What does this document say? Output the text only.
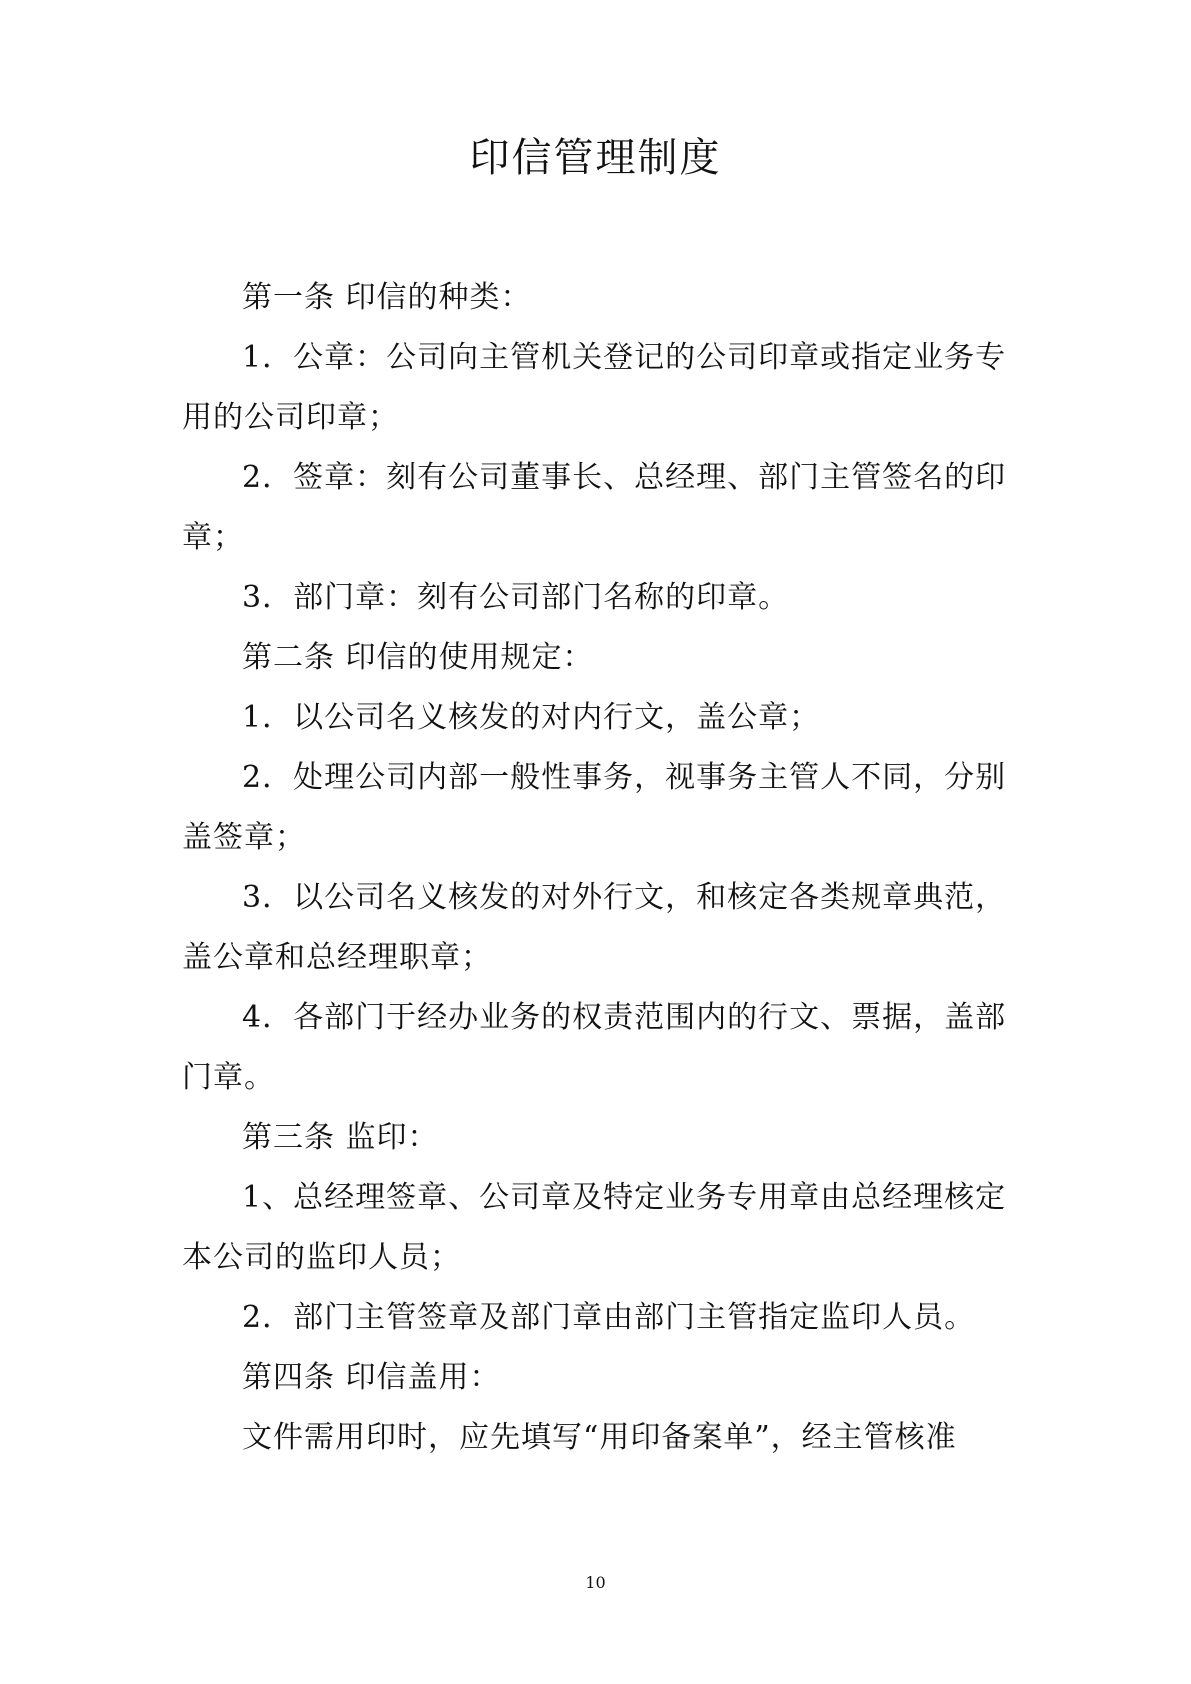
印信管理制度

第一条 印信的种类：

1．公章：公司向主管机关登记的公司印章或指定业务专用的公司印章；

2．签章：刻有公司董事长、总经理、部门主管签名的印章；

3．部门章：刻有公司部门名称的印章。

第二条 印信的使用规定：

1．以公司名义核发的对内行文，盖公章；

2．处理公司内部一般性事务，视事务主管人不同，分别盖签章；

3．以公司名义核发的对外行文，和核定各类规章典范，盖公章和总经理职章；

4．各部门于经办业务的权责范围内的行文、票据，盖部门章。

第三条 监印：

1、总经理签章、公司章及特定业务专用章由总经理核定本公司的监印人员；

2．部门主管签章及部门章由部门主管指定监印人员。

第四条 印信盖用：

文件需用印时，应先填写“用印备案单”，经主管核准

10
